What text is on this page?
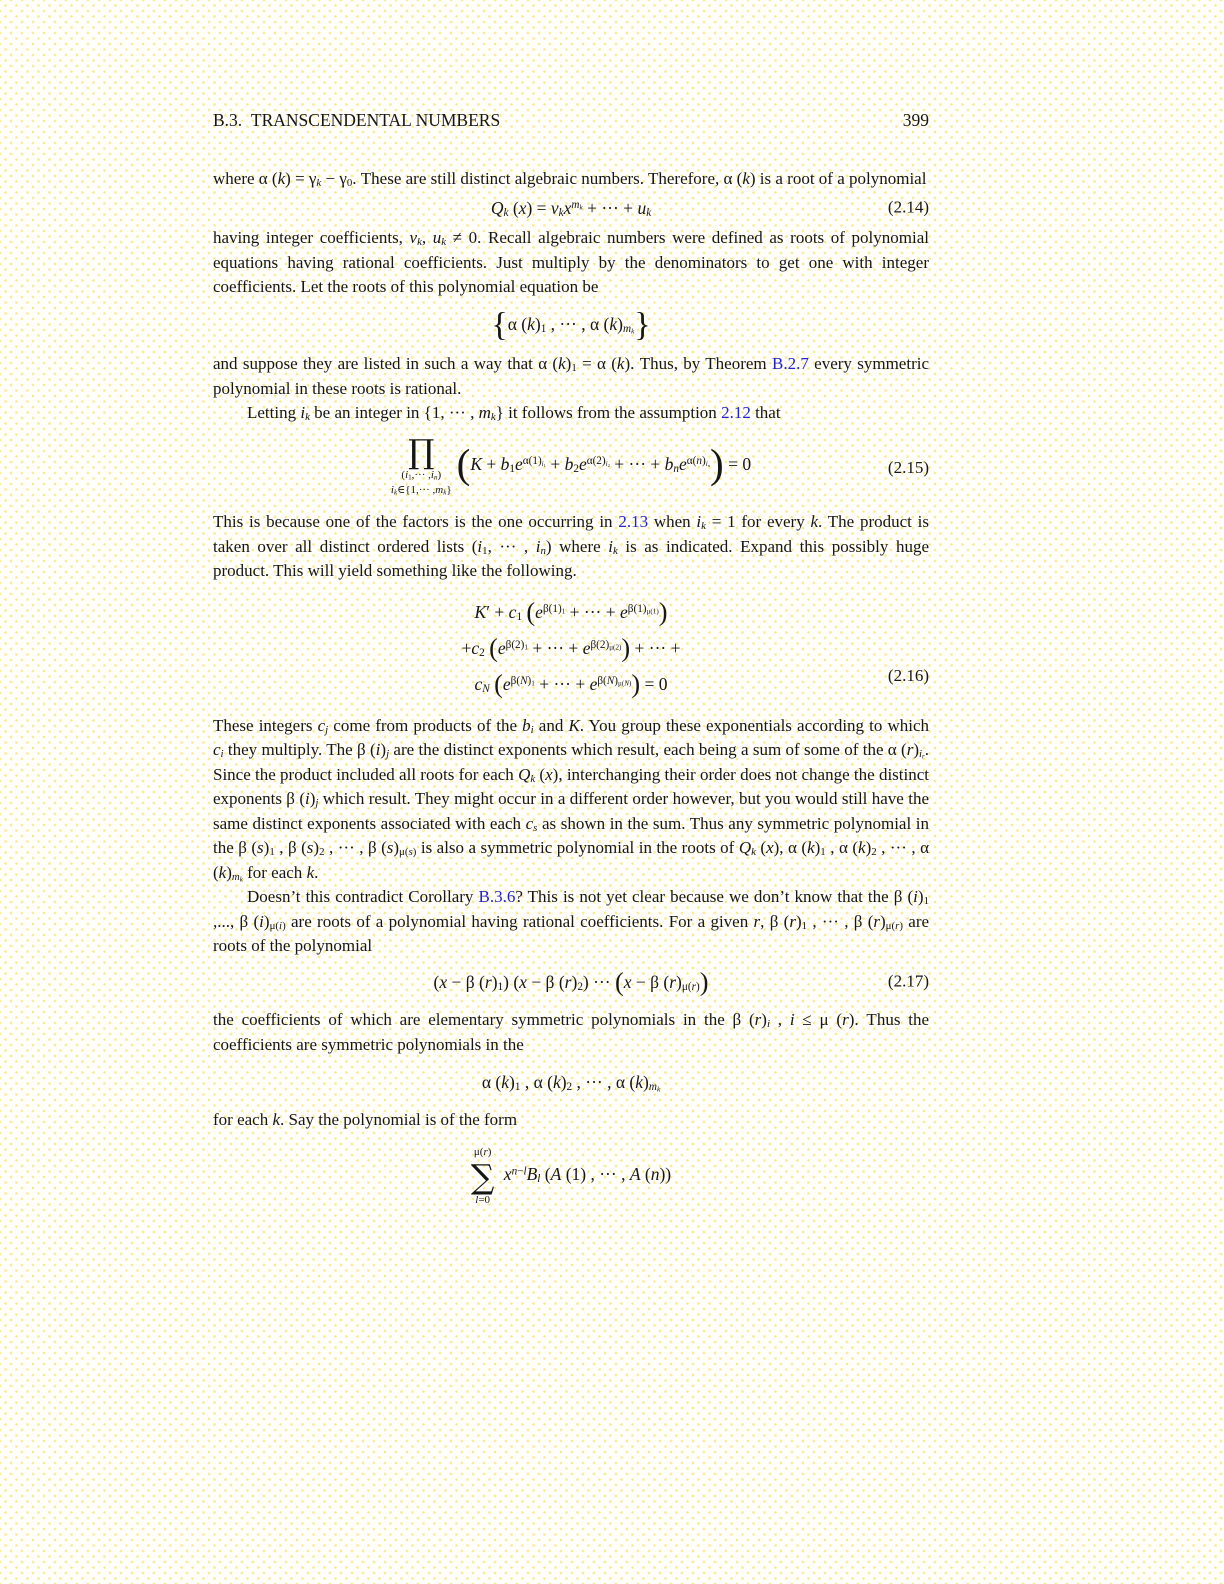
B.3. TRANSCENDENTAL NUMBERS	399
where α $(k) = \gamma_k - \gamma_0$. These are still distinct algebraic numbers. Therefore, α (k) is a root of a polynomial
$Q_k$ $(x) = v_kx^{m_k}$ + ··· + $u_k$	(2.14)
having integer coefficients, $v_k$, $u_k \ne 0$. Recall algebraic numbers were defined as roots of polynomial equations having rational coefficients. Just multiply by the denominators to get one with integer coefficients. Let the roots of this polynomial equation be
{α $(k)_1$ , ··· , α $(k)_{m_k}$}
and suppose they are listed in such a way that α $(k)_1 = \alpha$ (k). Thus, by Theorem B.2.7 every symmetric polynomial in these roots is rational.
Letting $i_k$ be an integer in {1, ··· , $m_k$} it follows from the assumption 2.12 that
∏
$(i_1,\cdot\cdot\cdot ,i_n)$
$i_k\in\{1,\cdot\cdot\cdot ,m_k\}$
($K + b_1e^{\alpha(1)_{i_1}} + b_2e^{\alpha(2)_{i_2}}$ + ··· + $b_ne^{\alpha(n)_{i_n}}) = 0$	(2.15)
This is because one of the factors is the one occurring in 2.13 when $i_k = 1$ for every k. The product is taken over all distinct ordered lists ($i_1$, ··· , $i_n$) where $i_k$ is as indicated. Expand this possibly huge product. This will yield something like the following.
$K' + c_1$ ($e^{\beta(1)_1}$ + ··· + $e^{\beta(1)_{\mu(1)}}$)
$+c_2$ ($e^{\beta(2)_1}$ + ··· + $e^{\beta(2)_{\mu(2)}}$) + ··· +
$c_N$ ($e^{\beta(N)_1}$ + ··· + $e^{\beta(N)_{\mu(N)}}) = 0$	(2.16)
These integers $c_j$ come from products of the $b_i$ and K. You group these exponentials according to which $c_i$ they multiply. The β $(i)_j$ are the distinct exponents which result, each being a sum of some of the α $(r)_{i_r}$. Since the product included all roots for each $Q_k$ (x), interchanging their order does not change the distinct exponents β $(i)_j$ which result. They might occur in a different order however, but you would still have the same distinct exponents associated with each $c_s$ as shown in the sum. Thus any symmetric polynomial in the β $(s)_1$ , β $(s)_2$ , ··· , β $(s)_{\mu(s)}$ is also a symmetric polynomial in the roots of $Q_k$ (x), α $(k)_1$ , α $(k)_2$ , ··· , α $(k)_{m_k}$ for each k.
Doesn’t this contradict Corollary B.3.6? This is not yet clear because we don’t know that the β $(i)_1$ ,..., β $(i)_{\mu(i)}$ are roots of a polynomial having rational coefficients. For a given r, β $(r)_1$ , ··· , β $(r)_{\mu(r)}$ are roots of the polynomial
(x − β $(r)_1$) (x − β $(r)_2$) ··· (x − β $(r)_{\mu(r)}$)	(2.17)
the coefficients of which are elementary symmetric polynomials in the β $(r)_i$ , i ≤ μ (r). Thus the coefficients are symmetric polynomials in the
α $(k)_1$ , α $(k)_2$ , ··· , α $(k)_{m_k}$
for each k. Say the polynomial is of the form
μ(r)
∑
l=0
$x^{n-l}B_l$ (A (1) , ··· , A (n))
